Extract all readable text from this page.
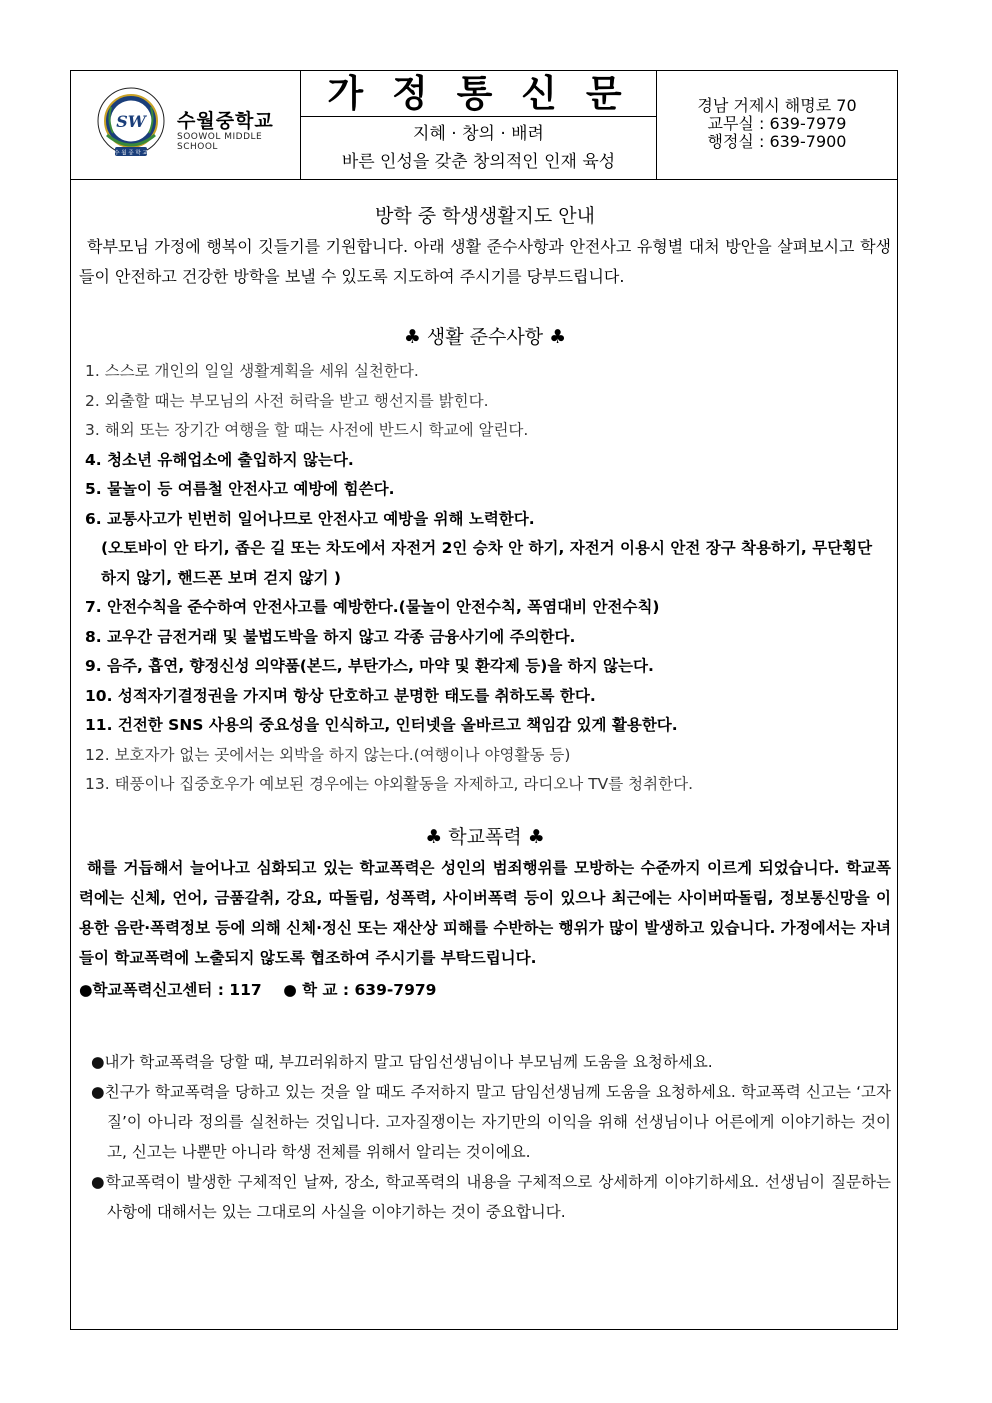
SW
수 월 중 학 교
수월중학교
SOOWOL MIDDLE SCHOOL
가 정 통 신 문
지혜 · 창의 · 배려
바른 인성을 갖춘 창의적인 인재 육성
경남 거제시 해명로 70
교무실 : 639-7979
행정실 : 639-7900
방학 중 학생생활지도 안내

학부모님 가정에 행복이 깃들기를 기원합니다. 아래 생활 준수사항과 안전사고 유형별 대처 방안을 살펴보시고 학생들이 안전하고 건강한 방학을 보낼 수 있도록 지도하여 주시기를 당부드립니다.

♣ 생활 준수사항 ♣
1. 스스로 개인의 일일 생활계획을 세워 실천한다.
2. 외출할 때는 부모님의 사전 허락을 받고 행선지를 밝힌다.
3. 해외 또는 장기간 여행을 할 때는 사전에 반드시 학교에 알린다.
4. 청소년 유해업소에 출입하지 않는다.
5. 물놀이 등 여름철 안전사고 예방에 힘쓴다.
6. 교통사고가 빈번히 일어나므로 안전사고 예방을 위해 노력한다.
(오토바이 안 타기, 좁은 길 또는 차도에서 자전거 2인 승차 안 하기, 자전거 이용시 안전 장구 착용하기, 무단횡단 하지 않기, 핸드폰 보며 걷지 않기 )
7. 안전수칙을 준수하여 안전사고를 예방한다.(물놀이 안전수칙, 폭염대비 안전수칙)
8. 교우간 금전거래 및 불법도박을 하지 않고 각종 금융사기에 주의한다.
9. 음주, 흡연, 향정신성 의약품(본드, 부탄가스, 마약 및 환각제 등)을 하지 않는다.
10. 성적자기결정권을 가지며 항상 단호하고 분명한 태도를 취하도록 한다.
11. 건전한 SNS 사용의 중요성을 인식하고, 인터넷을 올바르고 책임감 있게 활용한다.
12. 보호자가 없는 곳에서는 외박을 하지 않는다.(여행이나 야영활동 등)
13. 태풍이나 집중호우가 예보된 경우에는 야외활동을 자제하고, 라디오나 TV를 청취한다.
♣ 학교폭력 ♣

해를 거듭해서 늘어나고 심화되고 있는 학교폭력은 성인의 범죄행위를 모방하는 수준까지 이르게 되었습니다. 학교폭력에는 신체, 언어, 금품갈취, 강요, 따돌림, 성폭력, 사이버폭력 등이 있으나 최근에는 사이버따돌림, 정보통신망을 이용한 음란·폭력정보 등에 의해 신체·정신 또는 재산상 피해를 수반하는 행위가 많이 발생하고 있습니다. 가정에서는 자녀들이 학교폭력에 노출되지 않도록 협조하여 주시기를 부탁드립니다.

●학교폭력신고센터 : 117 ● 학 교 : 639-7979
●내가 학교폭력을 당할 때, 부끄러워하지 말고 담임선생님이나 부모님께 도움을 요청하세요.
●친구가 학교폭력을 당하고 있는 것을 알 때도 주저하지 말고 담임선생님께 도움을 요청하세요. 학교폭력 신고는 ‘고자질’이 아니라 정의를 실천하는 것입니다. 고자질쟁이는 자기만의 이익을 위해 선생님이나 어른에게 이야기하는 것이고, 신고는 나뿐만 아니라 학생 전체를 위해서 알리는 것이에요.
●학교폭력이 발생한 구체적인 날짜, 장소, 학교폭력의 내용을 구체적으로 상세하게 이야기하세요. 선생님이 질문하는 사항에 대해서는 있는 그대로의 사실을 이야기하는 것이 중요합니다.
